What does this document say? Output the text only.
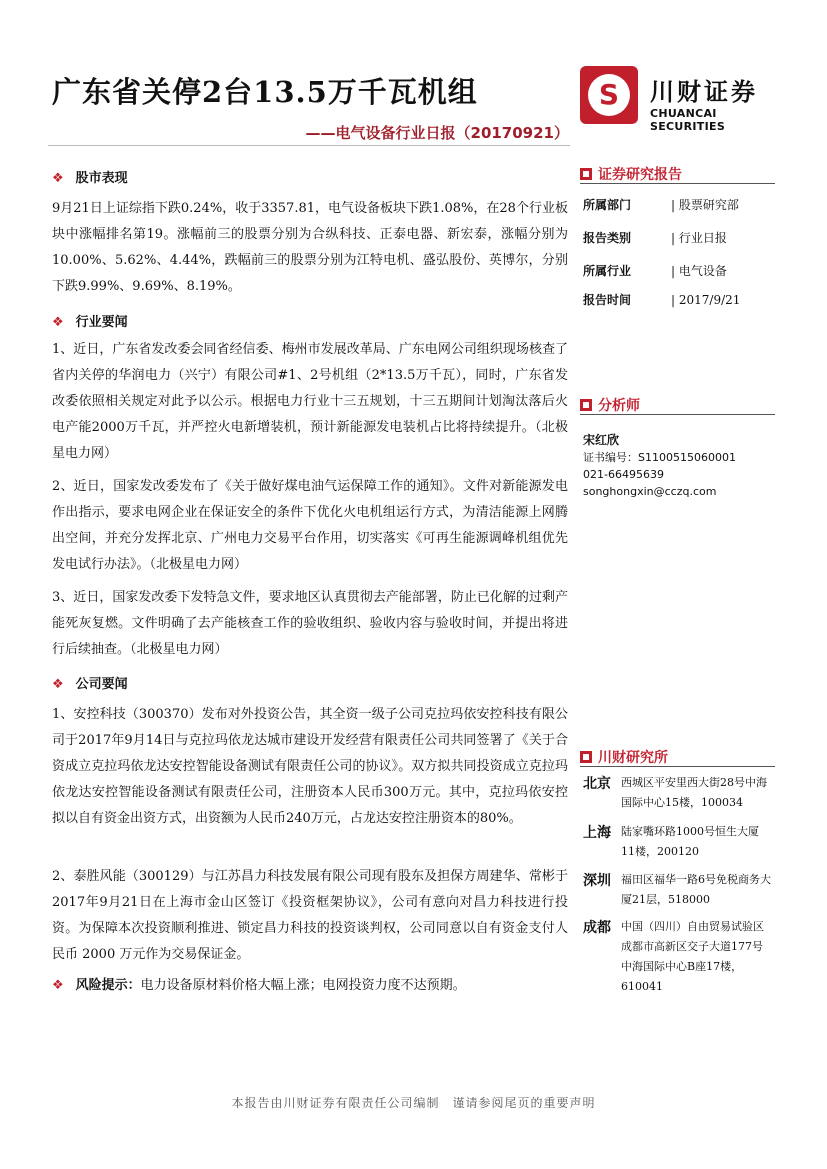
广东省关停2台13.5万千瓦机组
——电气设备行业日报（20170921）
S 川财证券
CHUANCAI SECURITIES
❖ 股市表现
9月21日上证综指下跌0.24%，收于3357.81，电气设备板块下跌1.08%，在28个行业板块中涨幅排名第19。涨幅前三的股票分别为合纵科技、正泰电器、新宏泰，涨幅分别为10.00%、5.62%、4.44%，跌幅前三的股票分别为江特电机、盛弘股份、英博尔，分别下跌9.99%、9.69%、8.19%。
❖ 行业要闻
1、近日，广东省发改委会同省经信委、梅州市发展改革局、广东电网公司组织现场核查了省内关停的华润电力（兴宁）有限公司#1、2号机组（2*13.5万千瓦），同时，广东省发改委依照相关规定对此予以公示。根据电力行业十三五规划，十三五期间计划淘汰落后火电产能2000万千瓦，并严控火电新增装机，预计新能源发电装机占比将持续提升。（北极星电力网）
2、近日，国家发改委发布了《关于做好煤电油气运保障工作的通知》。文件对新能源发电作出指示，要求电网企业在保证安全的条件下优化火电机组运行方式，为清洁能源上网腾出空间，并充分发挥北京、广州电力交易平台作用，切实落实《可再生能源调峰机组优先发电试行办法》。（北极星电力网）
3、近日，国家发改委下发特急文件，要求地区认真贯彻去产能部署，防止已化解的过剩产能死灰复燃。文件明确了去产能核查工作的验收组织、验收内容与验收时间，并提出将进行后续抽查。（北极星电力网）
❖ 公司要闻
1、安控科技（300370）发布对外投资公告，其全资一级子公司克拉玛依安控科技有限公司于2017年9月14日与克拉玛依龙达城市建设开发经营有限责任公司共同签署了《关于合资成立克拉玛依龙达安控智能设备测试有限责任公司的协议》。双方拟共同投资成立克拉玛依龙达安控智能设备测试有限责任公司，注册资本人民币300万元。其中，克拉玛依安控拟以自有资金出资方式，出资额为人民币240万元，占龙达安控注册资本的80%。
2、泰胜风能（300129）与江苏昌力科技发展有限公司现有股东及担保方周建华、常彬于2017年9月21日在上海市金山区签订《投资框架协议》，公司有意向对昌力科技进行投资。为保障本次投资顺利推进、锁定昌力科技的投资谈判权，公司同意以自有资金支付人民币 2000 万元作为交易保证金。
❖ 风险提示：电力设备原材料价格大幅上涨；电网投资力度不达预期。
证券研究报告
所属部门	| 股票研究部
报告类别	| 行业日报
所属行业	| 电气设备
报告时间	| 2017/9/21
分析师
宋红欣
证书编号：S1100515060001
021-66495639
songhongxin@cczq.com
川财研究所
北京 西城区平安里西大街28号中海国际中心15楼，100034
上海 陆家嘴环路1000号恒生大厦11楼，200120
深圳 福田区福华一路6号免税商务大厦21层，518000
成都 中国（四川）自由贸易试验区成都市高新区交子大道177号中海国际中心B座17楼，610041
本报告由川财证券有限责任公司编制　谨请参阅尾页的重要声明
